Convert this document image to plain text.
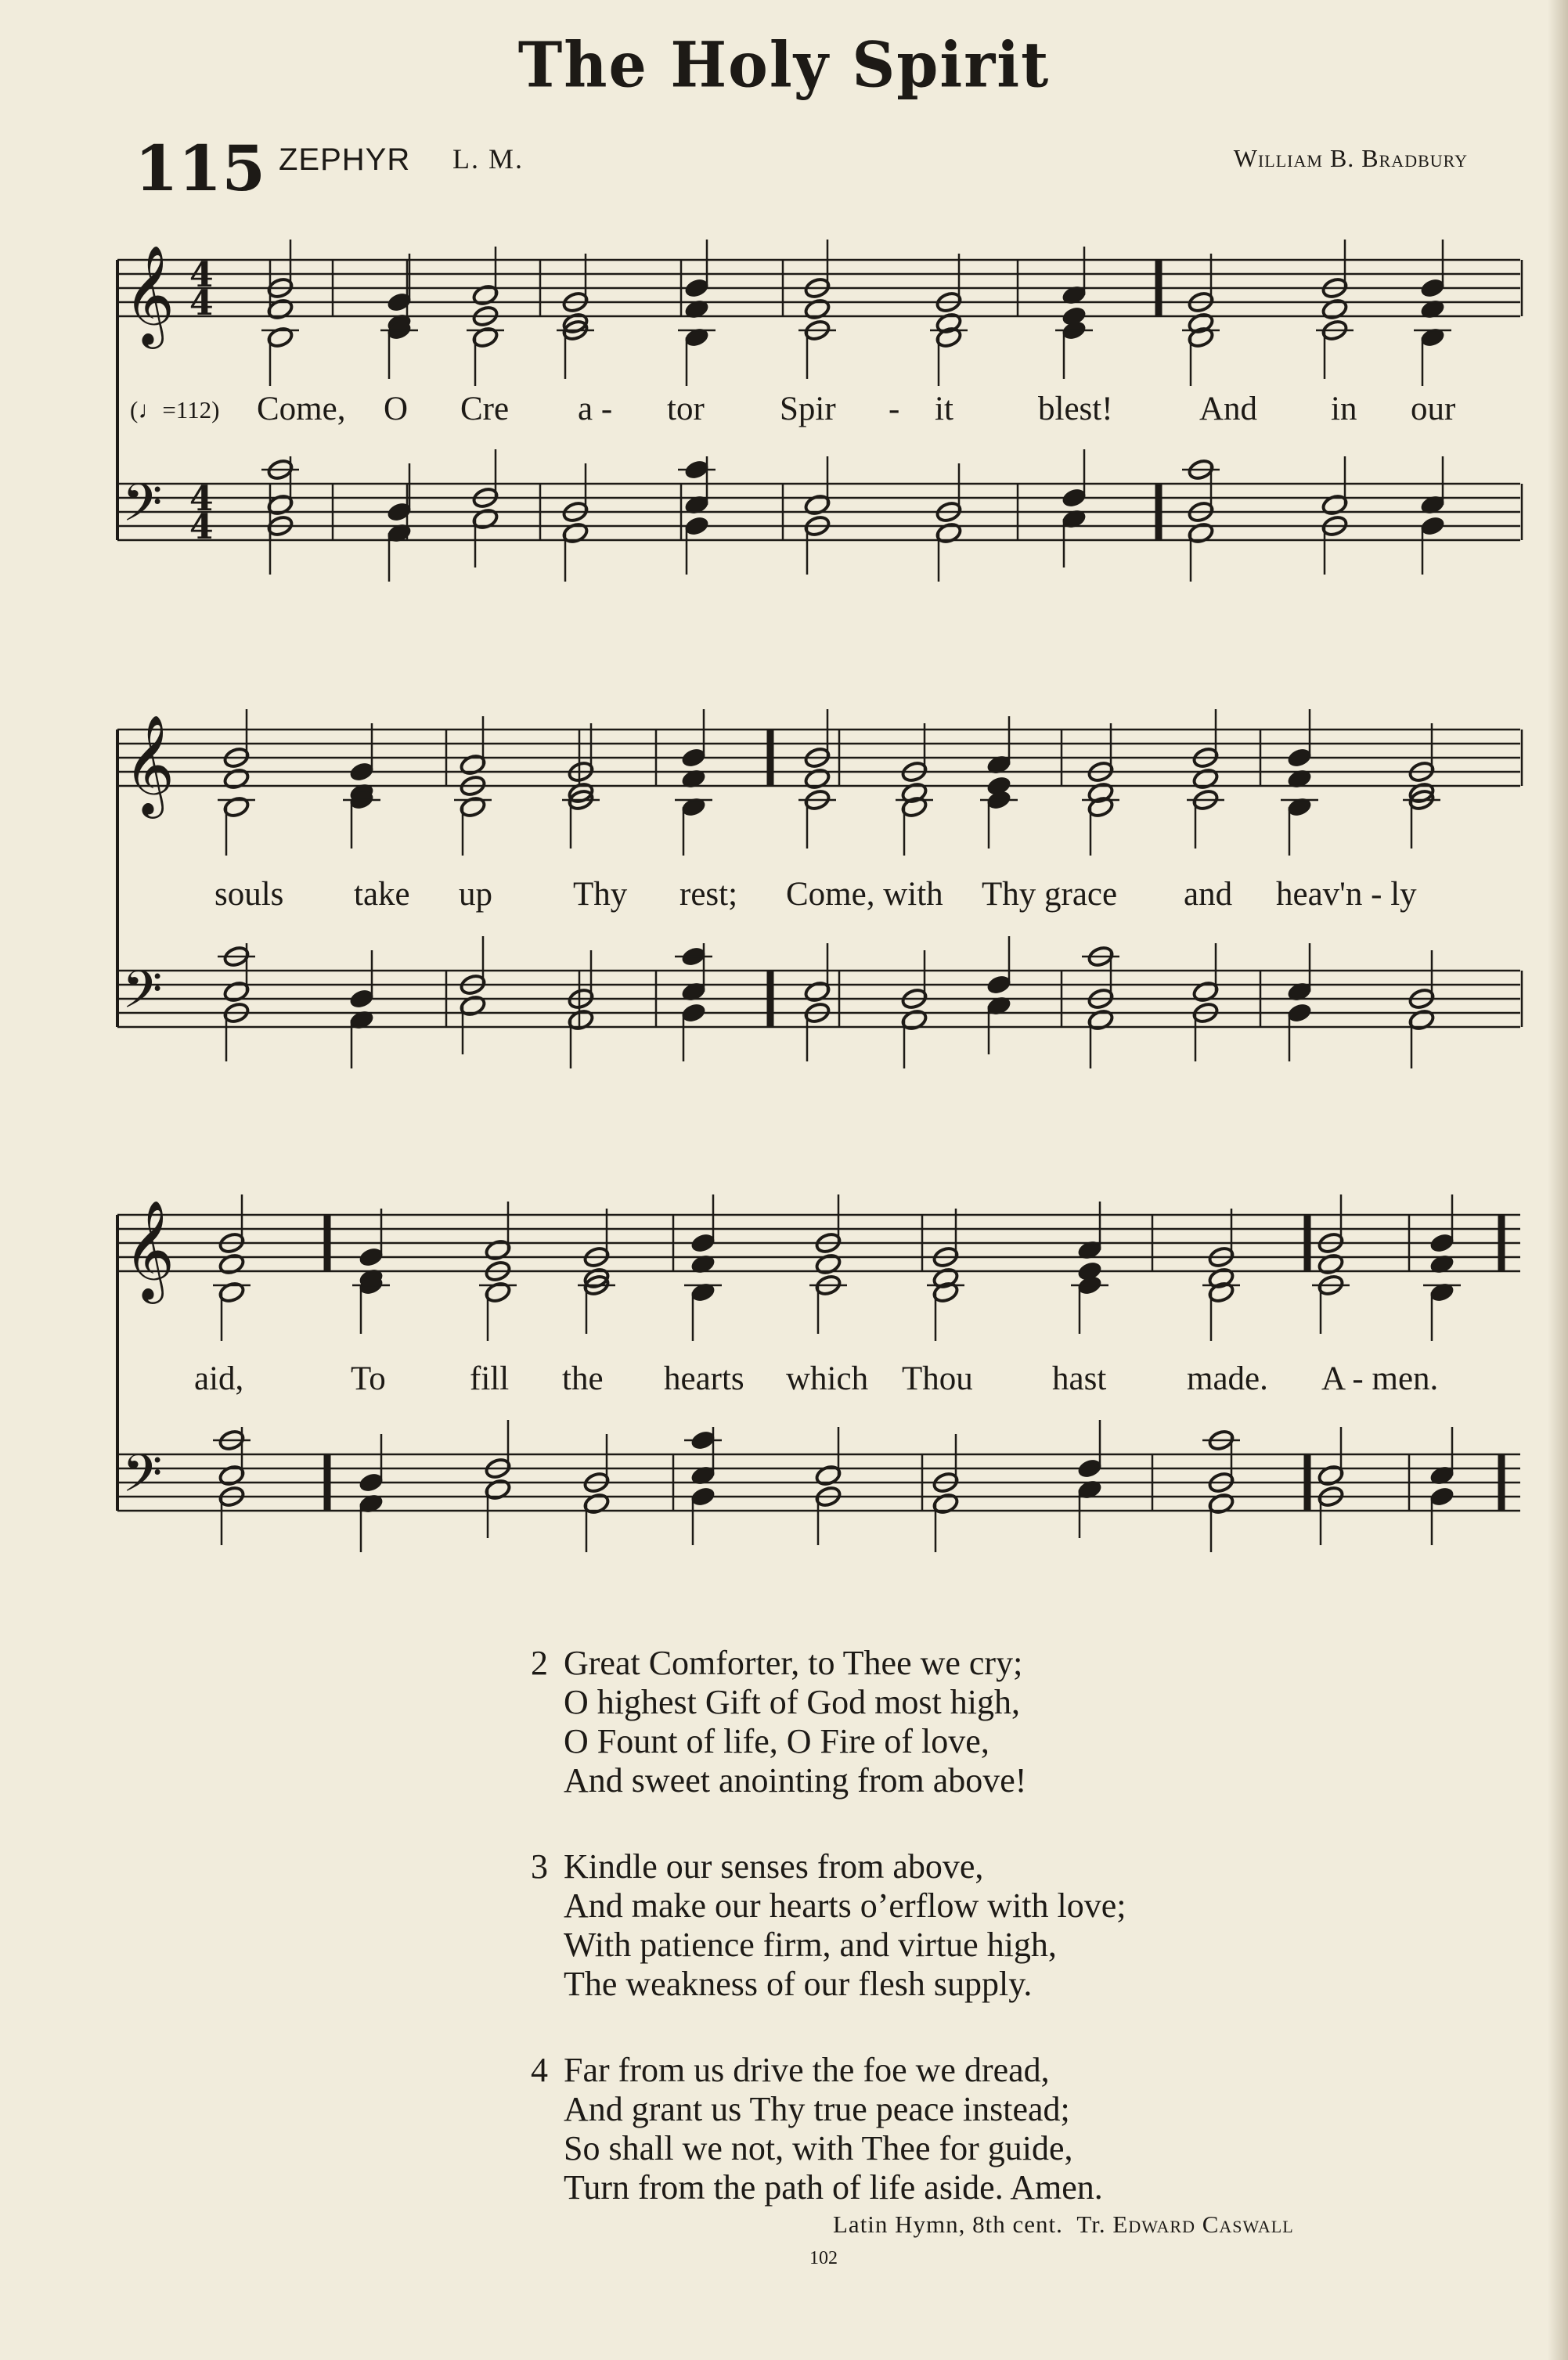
The Holy Spirit
115 ZEPHYR L. M.	William B. Bradbury
(♩=112)
𝄞
𝄢
4
4
4
4
𝄞
𝄢
𝄞
𝄢
Come, O Cre a - tor Spir - it	blest!	And in our
souls take up Thy rest; Come, with Thy grace and heav'n - ly
aid,	To fill the hearts which Thou hast made. A - men.
2 Great Comforter, to Thee we cry;
O highest Gift of God most high,
O Fount of life, O Fire of love,
And sweet anointing from above!
3 Kindle our senses from above,
And make our hearts o’erflow with love;
With patience firm, and virtue high,
The weakness of our flesh supply.
4 Far from us drive the foe we dread,
And grant us Thy true peace instead;
So shall we not, with Thee for guide,
Turn from the path of life aside. Amen.
Latin Hymn, 8th cent. Tr. Edward Caswall
102
